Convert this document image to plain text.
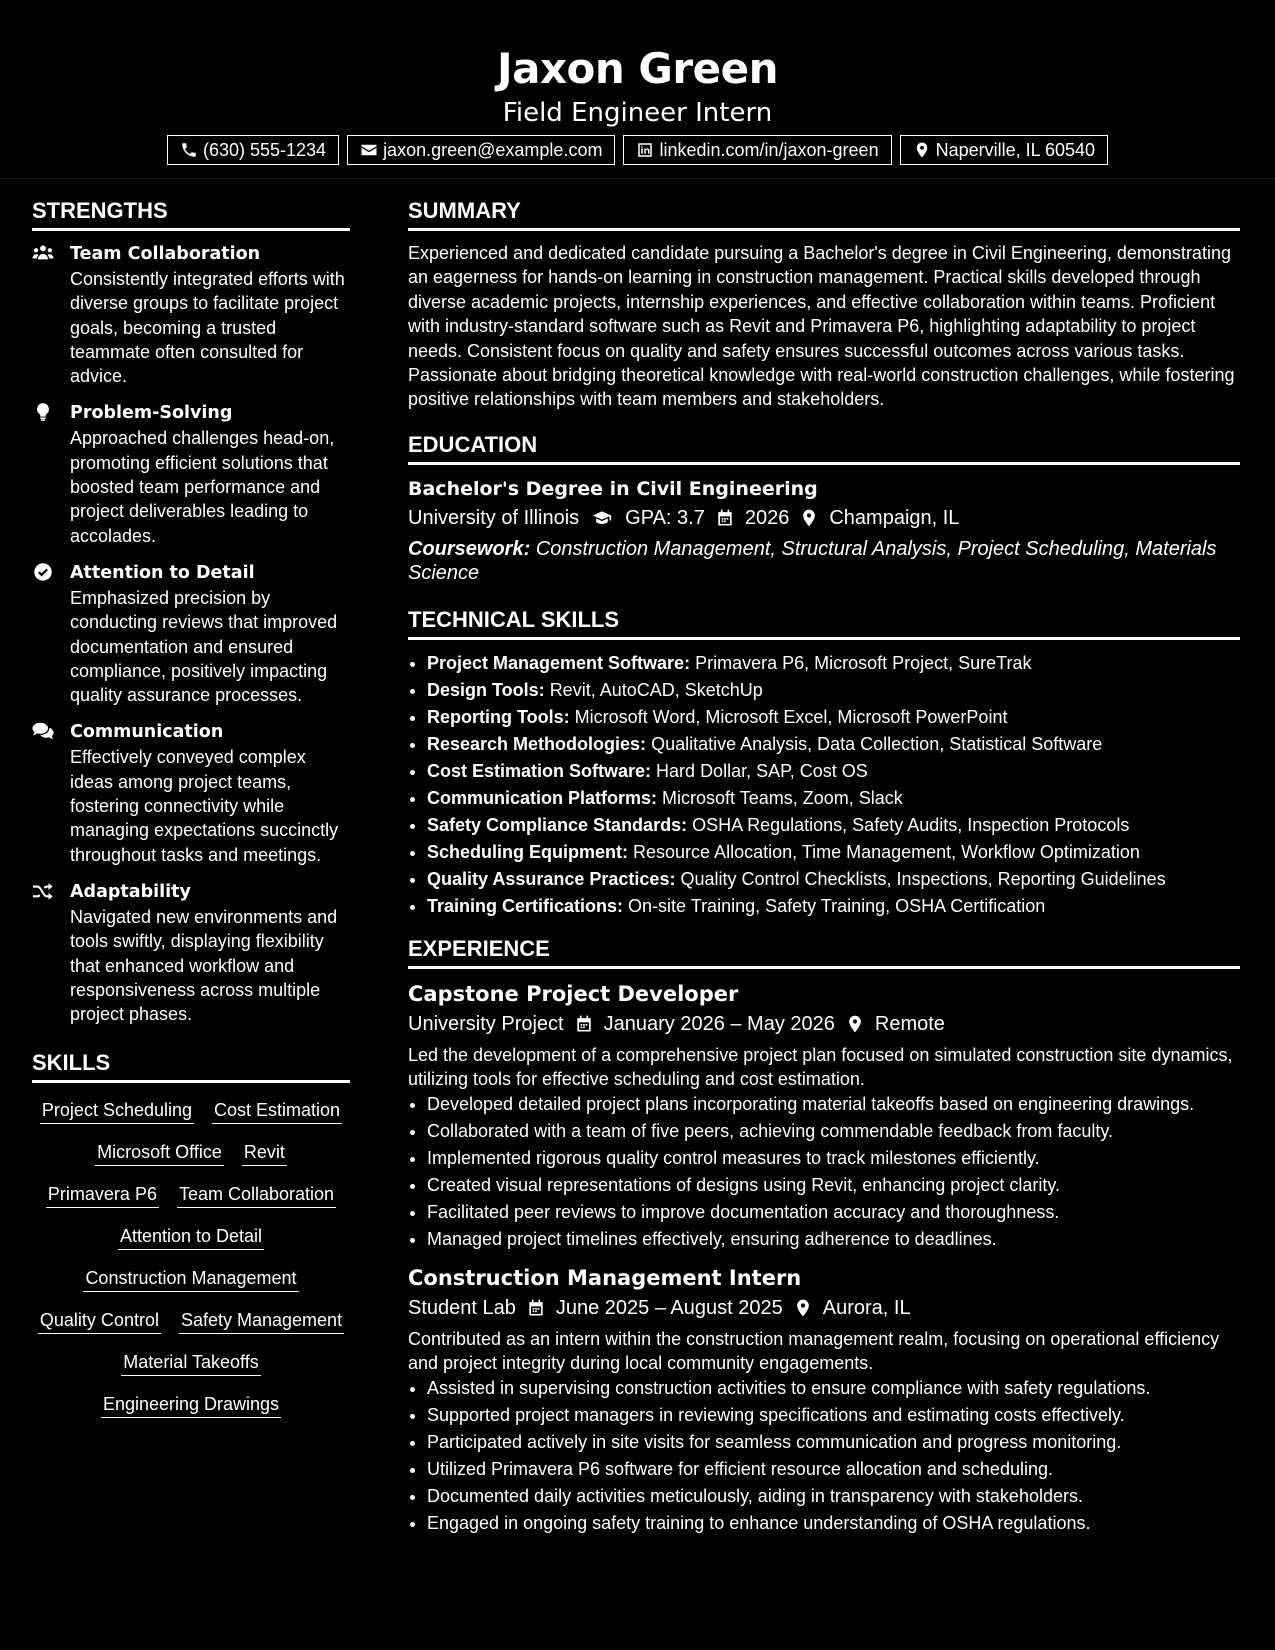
Jaxon Green
Field Engineer Intern
(630) 555-1234	jaxon.green@example.com	linkedin.com/in/jaxon-green	Naperville, IL 60540
STRENGTHS
Team Collaboration
Consistently integrated efforts with diverse groups to facilitate project goals, becoming a trusted teammate often consulted for advice.
Problem-Solving
Approached challenges head-on, promoting efficient solutions that boosted team performance and project deliverables leading to accolades.
Attention to Detail
Emphasized precision by conducting reviews that improved documentation and ensured compliance, positively impacting quality assurance processes.
Communication
Effectively conveyed complex ideas among project teams, fostering connectivity while managing expectations succinctly throughout tasks and meetings.
Adaptability
Navigated new environments and tools swiftly, displaying flexibility that enhanced workflow and responsiveness across multiple project phases.
SKILLS
Project Scheduling Cost Estimation
Microsoft Office Revit
Primavera P6 Team Collaboration
Attention to Detail
Construction Management
Quality Control Safety Management
Material Takeoffs
Engineering Drawings
SUMMARY
Experienced and dedicated candidate pursuing a Bachelor's degree in Civil Engineering, demonstrating an eagerness for hands-on learning in construction management. Practical skills developed through diverse academic projects, internship experiences, and effective collaboration within teams. Proficient with industry-standard software such as Revit and Primavera P6, highlighting adaptability to project needs. Consistent focus on quality and safety ensures successful outcomes across various tasks. Passionate about bridging theoretical knowledge with real-world construction challenges, while fostering positive relationships with team members and stakeholders.
EDUCATION
Bachelor's Degree in Civil Engineering
University of Illinois GPA: 3.7 2026 Champaign, IL
Coursework: Construction Management, Structural Analysis, Project Scheduling, Materials Science
TECHNICAL SKILLS
• Project Management Software: Primavera P6, Microsoft Project, SureTrak
• Design Tools: Revit, AutoCAD, SketchUp
• Reporting Tools: Microsoft Word, Microsoft Excel, Microsoft PowerPoint
• Research Methodologies: Qualitative Analysis, Data Collection, Statistical Software
• Cost Estimation Software: Hard Dollar, SAP, Cost OS
• Communication Platforms: Microsoft Teams, Zoom, Slack
• Safety Compliance Standards: OSHA Regulations, Safety Audits, Inspection Protocols
• Scheduling Equipment: Resource Allocation, Time Management, Workflow Optimization
• Quality Assurance Practices: Quality Control Checklists, Inspections, Reporting Guidelines
• Training Certifications: On-site Training, Safety Training, OSHA Certification
EXPERIENCE
Capstone Project Developer
University Project January 2026 – May 2026 Remote
Led the development of a comprehensive project plan focused on simulated construction site dynamics, utilizing tools for effective scheduling and cost estimation.
• Developed detailed project plans incorporating material takeoffs based on engineering drawings.
• Collaborated with a team of five peers, achieving commendable feedback from faculty.
• Implemented rigorous quality control measures to track milestones efficiently.
• Created visual representations of designs using Revit, enhancing project clarity.
• Facilitated peer reviews to improve documentation accuracy and thoroughness.
• Managed project timelines effectively, ensuring adherence to deadlines.
Construction Management Intern
Student Lab June 2025 – August 2025 Aurora, IL
Contributed as an intern within the construction management realm, focusing on operational efficiency and project integrity during local community engagements.
• Assisted in supervising construction activities to ensure compliance with safety regulations.
• Supported project managers in reviewing specifications and estimating costs effectively.
• Participated actively in site visits for seamless communication and progress monitoring.
• Utilized Primavera P6 software for efficient resource allocation and scheduling.
• Documented daily activities meticulously, aiding in transparency with stakeholders.
• Engaged in ongoing safety training to enhance understanding of OSHA regulations.
